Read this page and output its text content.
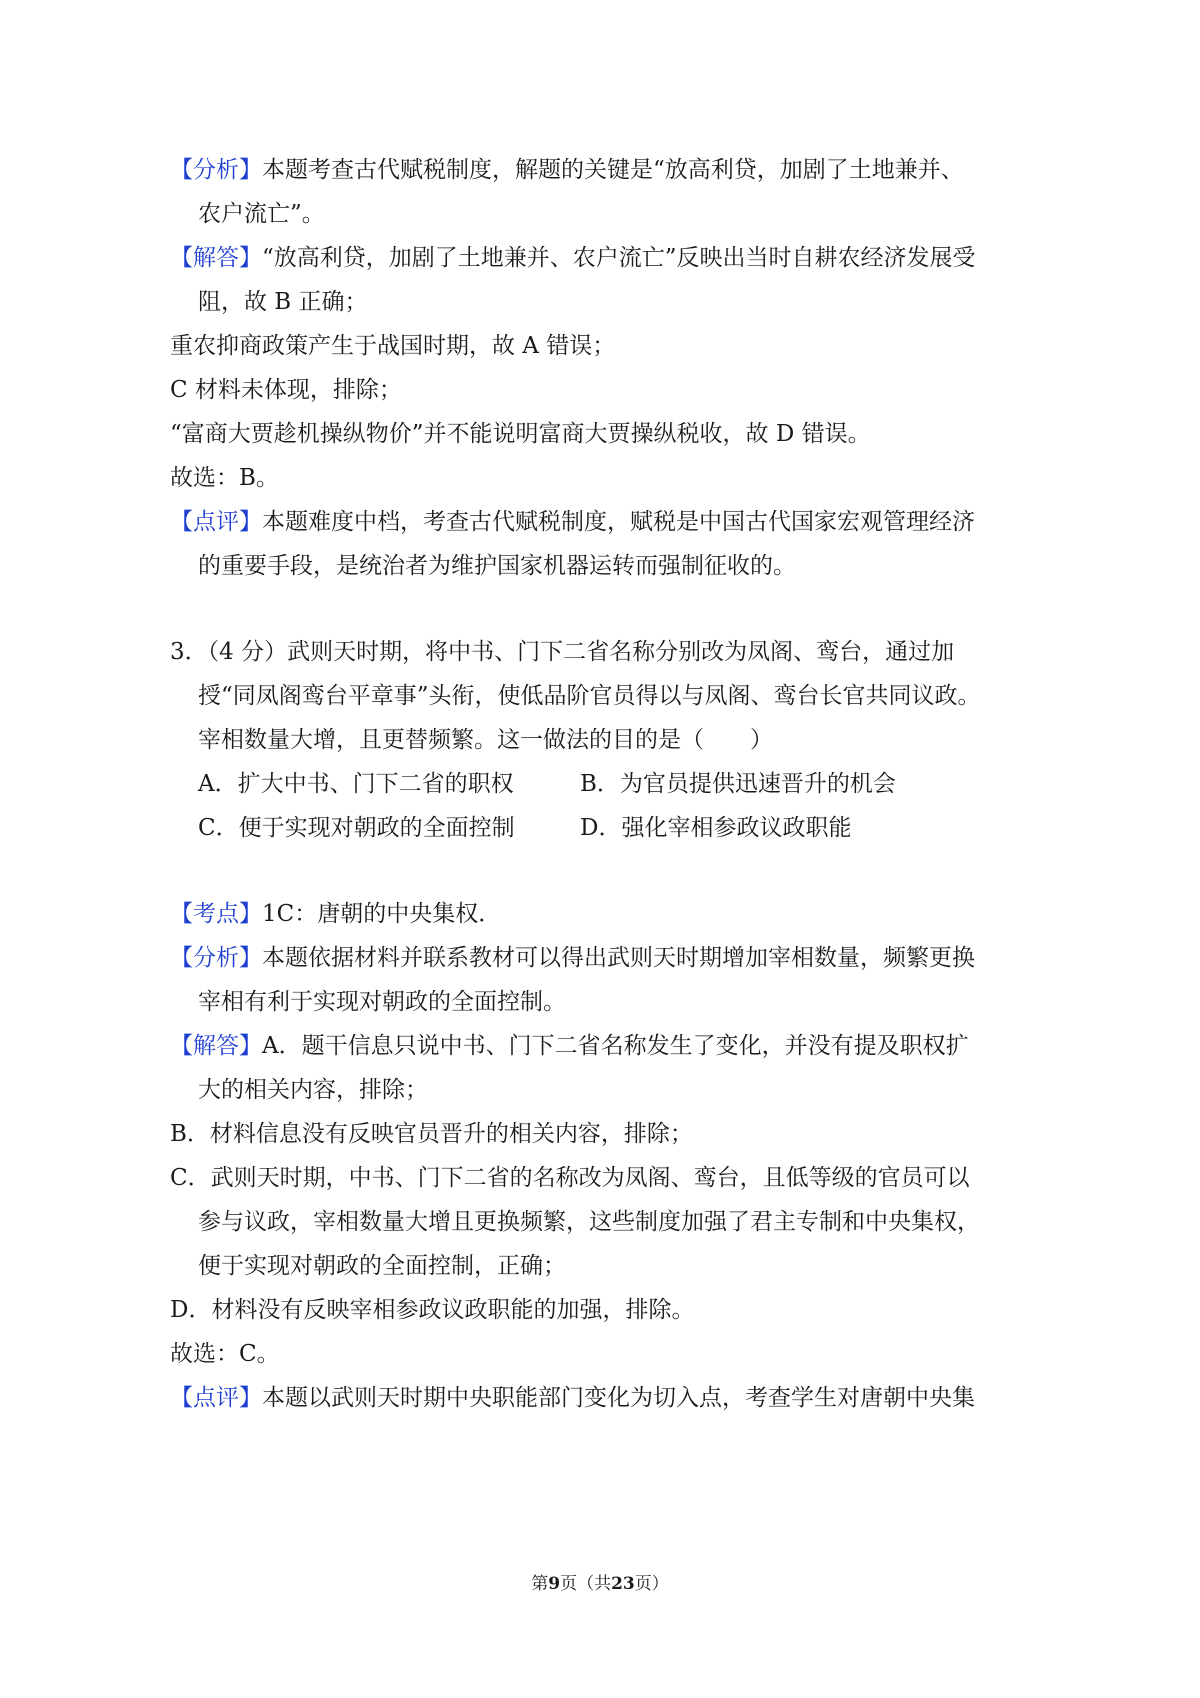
【分析】本题考查古代赋税制度，解题的关键是“放高利贷，加剧了土地兼并、
农户流亡”。
【解答】“放高利贷，加剧了土地兼并、农户流亡”反映出当时自耕农经济发展受
阻，故 B 正确；
重农抑商政策产生于战国时期，故 A 错误；
C 材料未体现，排除；
“富商大贾趁机操纵物价”并不能说明富商大贾操纵税收，故 D 错误。
故选：B。
【点评】本题难度中档，考查古代赋税制度，赋税是中国古代国家宏观管理经济
的重要手段，是统治者为维护国家机器运转而强制征收的。
3．（4 分）武则天时期，将中书、门下二省名称分别改为凤阁、鸾台，通过加
授“同凤阁鸾台平章事”头衔，使低品阶官员得以与凤阁、鸾台长官共同议政。
宰相数量大增，且更替频繁。这一做法的目的是（　　）
A．扩大中书、门下二省的职权	B．为官员提供迅速晋升的机会
C．便于实现对朝政的全面控制	D．强化宰相参政议政职能
【考点】1C：唐朝的中央集权．
【分析】本题依据材料并联系教材可以得出武则天时期增加宰相数量，频繁更换
宰相有利于实现对朝政的全面控制。
【解答】A．题干信息只说中书、门下二省名称发生了变化，并没有提及职权扩
大的相关内容，排除；
B．材料信息没有反映官员晋升的相关内容，排除；
C．武则天时期，中书、门下二省的名称改为凤阁、鸾台，且低等级的官员可以
参与议政，宰相数量大增且更换频繁，这些制度加强了君主专制和中央集权，
便于实现对朝政的全面控制，正确；
D．材料没有反映宰相参政议政职能的加强，排除。
故选：C。
【点评】本题以武则天时期中央职能部门变化为切入点，考查学生对唐朝中央集
第9页（共23页）
